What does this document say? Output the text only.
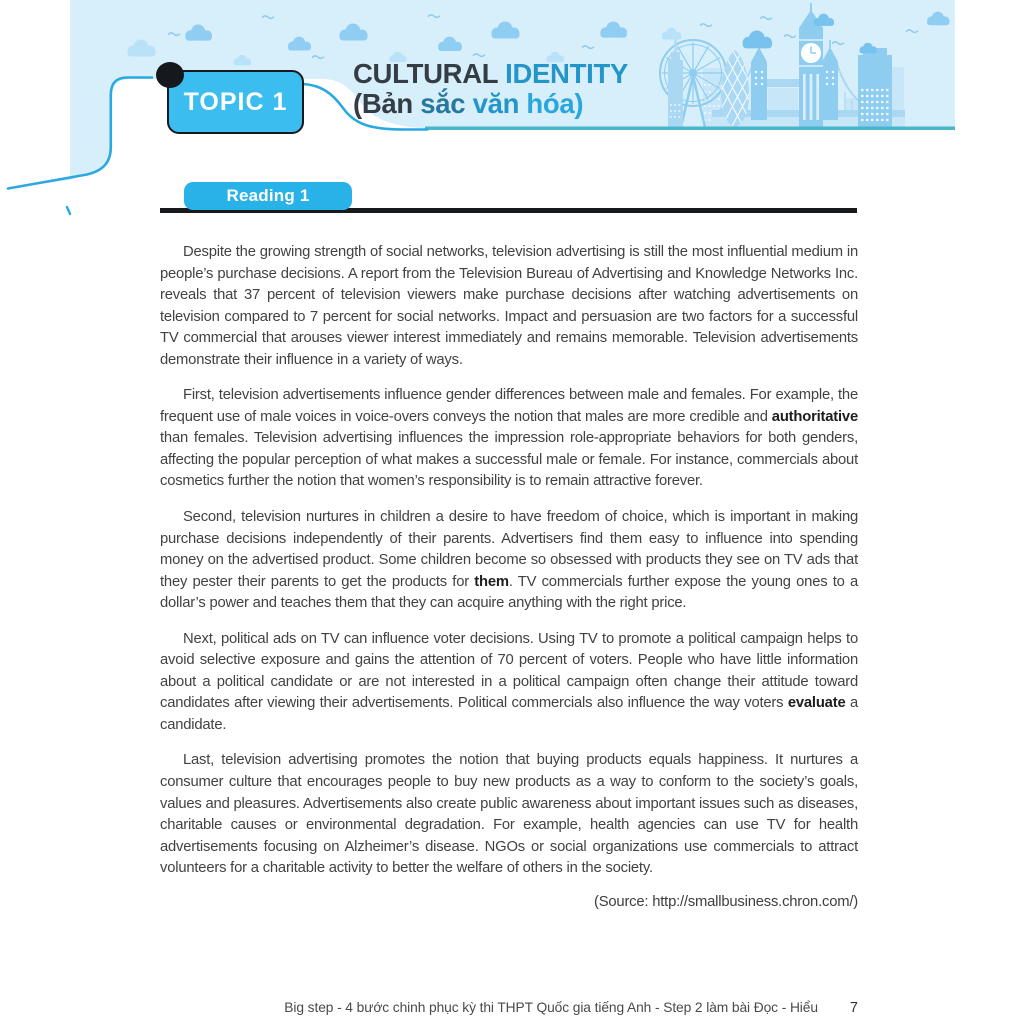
TOPIC 1
CULTURAL IDENTITY
(Bản sắc văn hóa)
Reading 1

Despite the growing strength of social networks, television advertising is still the most influential medium in people’s purchase decisions. A report from the Television Bureau of Advertising and Knowledge Networks Inc. reveals that 37 percent of television viewers make purchase decisions after watching advertisements on television compared to 7 percent for social networks. Impact and persuasion are two factors for a successful TV commercial that arouses viewer interest immediately and remains memorable. Television advertisements demonstrate their influence in a variety of ways.

First, television advertisements influence gender differences between male and females. For example, the frequent use of male voices in voice-overs conveys the notion that males are more credible and authoritative than females. Television advertising influences the impression role-appropriate behaviors for both genders, affecting the popular perception of what makes a successful male or female. For instance, commercials about cosmetics further the notion that women’s responsibility is to remain attractive forever.

Second, television nurtures in children a desire to have freedom of choice, which is important in making purchase decisions independently of their parents. Advertisers find them easy to influence into spending money on the advertised product. Some children become so obsessed with products they see on TV ads that they pester their parents to get the products for them. TV commercials further expose the young ones to a dollar’s power and teaches them that they can acquire anything with the right price.

Next, political ads on TV can influence voter decisions. Using TV to promote a political campaign helps to avoid selective exposure and gains the attention of 70 percent of voters. People who have little information about a political candidate or are not interested in a political campaign often change their attitude toward candidates after viewing their advertisements. Political commercials also influence the way voters evaluate a candidate.

Last, television advertising promotes the notion that buying products equals happiness. It nurtures a consumer culture that encourages people to buy new products as a way to conform to the society’s goals, values and pleasures. Advertisements also create public awareness about important issues such as diseases, charitable causes or environmental degradation. For example, health agencies can use TV for health advertisements focusing on Alzheimer’s disease. NGOs or social organizations use commercials to attract volunteers for a charitable activity to better the welfare of others in the society.

(Source: http://smallbusiness.chron.com/)
Big step - 4 bước chinh phục kỳ thi THPT Quốc gia tiếng Anh - Step 2 làm bài Đọc - Hiểu 7
